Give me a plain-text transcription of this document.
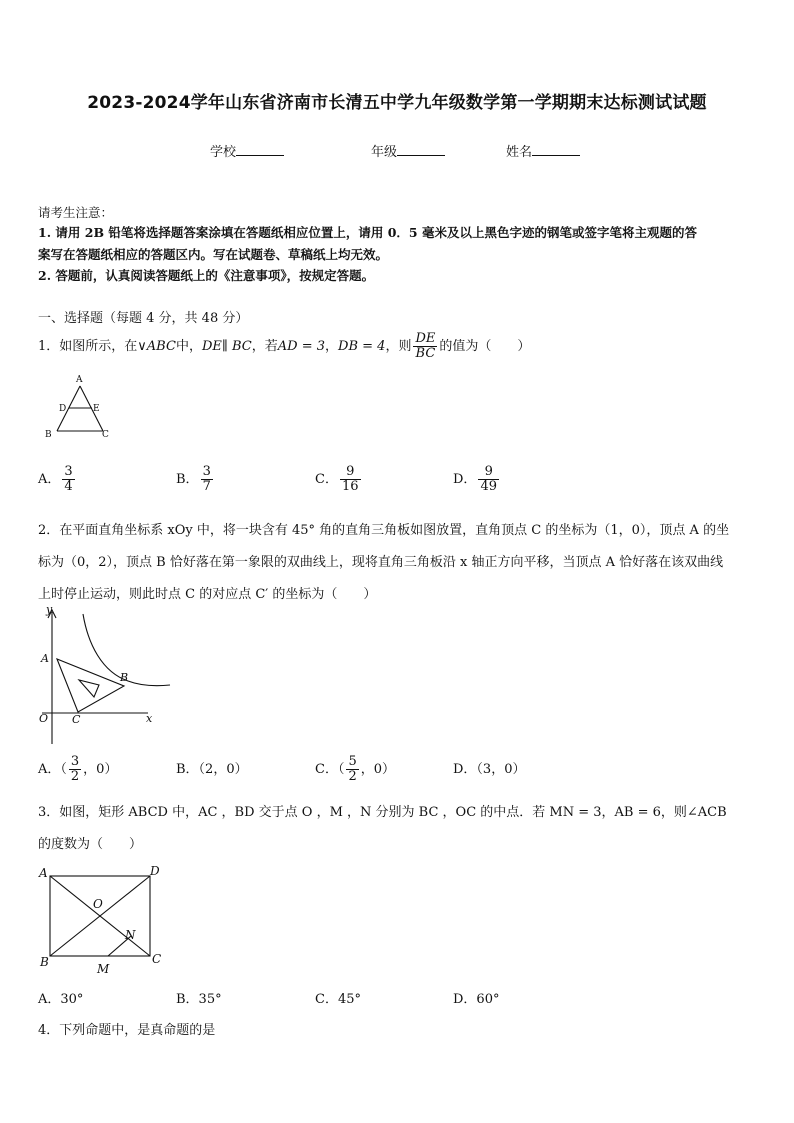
2023-2024学年山东省济南市长清五中学九年级数学第一学期期末达标测试试题
学校	年级	姓名
请考生注意：
1. 请用 2B 铅笔将选择题答案涂填在答题纸相应位置上，请用 0．5 毫米及以上黑色字迹的钢笔或签字笔将主观题的答
案写在答题纸相应的答题区内。写在试题卷、草稿纸上均无效。
2. 答题前，认真阅读答题纸上的《注意事项》，按规定答题。
一、选择题（每题 4 分，共 48 分）
1．如图所示，在∨ABC中，DE∥ BC，若AD = 3，DB = 4，则 $\frac{DE}{BC}$ 的值为（　　）
A
D	E
B	C
A． $\frac{3}{4}$	B． $\frac{3}{7}$	C． $\frac{9}{16}$	D． $\frac{9}{49}$
2．在平面直角坐标系 xOy 中，将一块含有 45° 角的直角三角板如图放置，直角顶点 C 的坐标为（1，0），顶点 A 的坐
标为（0，2），顶点 B 恰好落在第一象限的双曲线上，现将直角三角板沿 x 轴正方向平移，当顶点 A 恰好落在该双曲线
上时停止运动，则此时点 C 的对应点 C′ 的坐标为（　　）
y
A
B
O C	x
A．（ $\frac{3}{2}$ ，0）	B．（2，0）	C．（ $\frac{5}{2}$ ，0）	D．（3，0）
3．如图，矩形 ABCD 中，AC ，BD 交于点 O ，M ，N 分别为 BC ，OC 的中点．若 MN = 3，AB = 6，则∠ACB
的度数为（　　）
A	D
O
N
B	M
C
A．30°	B．35°	C．45°	D．60°
4．下列命题中，是真命题的是
